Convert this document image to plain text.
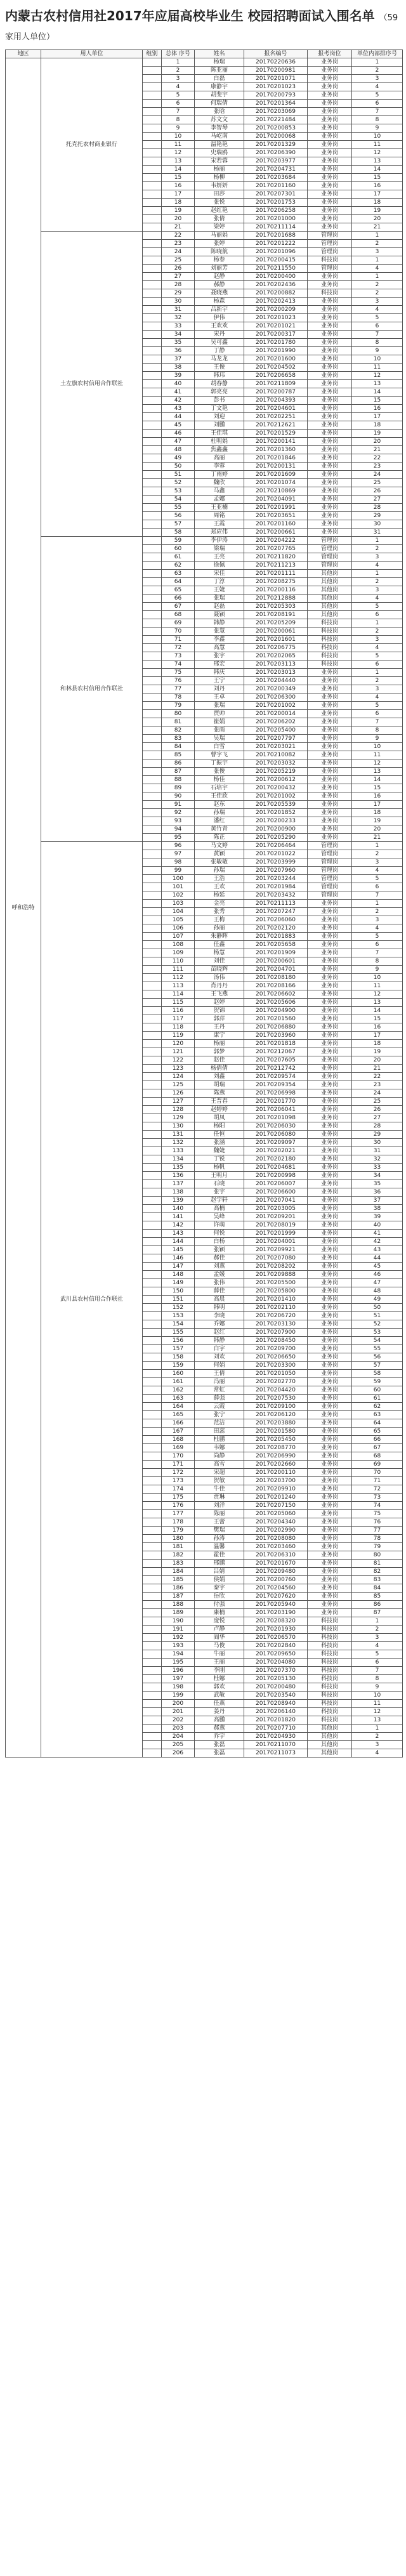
内蒙古农村信用社2017年应届高校毕业生 校园招聘面试入围名单 （59家用人单位）
地区	用人单位	组别	总体 序号	姓名	报名编号	报考岗位	单位内部排序号
呼和浩特	托克托农村商业银行		1	杨瑞	20170220636	业务岗	1
			2	陈亚丽	20170200981	业务岗	2
			3	白磊	20170201071	业务岗	3
			4	康静宇	20170201023	业务岗	4
			5	胡斐宇	20170200793	业务岗	5
			6	何瑞倩	20170201364	业务岗	6
			7	张晗	20170203069	业务岗	7
			8	苏文文	20170221484	业务岗	8
			9	李智琴	20170200853	业务岗	9
			10	马屹南	20170200068	业务岗	10
			11	温艳艳	20170201329	业务岗	11
			12	史瑞鸥	20170206390	业务岗	12
			13	宋若蓉	20170203977	业务岗	13
			14	杨丽	20170204731	业务岗	14
			15	杨柳	20170203684	业务岗	15
			16	韦妍妍	20170201160	业务岗	16
			17	田莎	20170207301	业务岗	17
			18	张悦	20170201753	业务岗	18
			19	赵红艳	20170206258	业务岗	19
			20	张倩	20170201000	业务岗	20
			21	梁婷	20170211114	业务岗	21
	土左旗农村信用合作联社		22	马丽娟	20170201688	管理岗	1
			23	张婷	20170201222	管理岗	2
			24	陈晓航	20170201096	管理岗	3
			25	杨春	20170200415	科技岗	1
			26	刘丽芳	20170211550	管理岗	4
			27	赵静	20170200400	业务岗	1
			28	郝静	20170202436	业务岗	2
			29	聂晓燕	20170200882	科技岗	2
			30	杨森	20170202413	业务岗	3
			31	吕新宇	20170200209	业务岗	4
			32	伊伟	20170201023	业务岗	5
			33	王欢欢	20170201021	业务岗	6
			34	宋丹	20170200317	业务岗	7
			35	吴可鑫	20170201780	业务岗	8
			36	丁静	20170201990	业务岗	9
			37	马龙龙	20170201600	业务岗	10
			38	王俊	20170204502	业务岗	11
			39	韩玮	20170206658	业务岗	12
			40	胡春静	20170211809	业务岗	13
			41	郭亮亮	20170200787	业务岗	14
			42	彭书	20170204393	业务岗	15
			43	丁文艳	20170204601	业务岗	16
			44	刘迎	20170202251	业务岗	17
			45	刘鹏	20170212621	业务岗	18
			46	王佳琪	20170201529	业务岗	19
			47	杜明娟	20170200141	业务岗	20
			48	焦鑫鑫	20170201360	业务岗	21
			49	高丽	20170201846	业务岗	22
			50	李蓉	20170200131	业务岗	23
			51	丁雨婷	20170201609	业务岗	24
			52	魏欣	20170201074	业务岗	25
			53	马鑫	20170210869	业务岗	26
			54	孟娜	20170204091	业务岗	27
			55	王亚楠	20170201991	业务岗	28
			56	周铭	20170203651	业务岗	29
			57	王霞	20170201160	业务岗	30
			58	郑应伟	20170200661	业务岗	31
	和林县农村信用合作联社		59	李伊涛	20170204222	管理岗	1
			60	梁瑞	20170207765	管理岗	2
			61	王亮	20170211820	管理岗	3
			62	徐佩	20170211213	管理岗	4
			63	宋佳	20170201111	其他岗	1
			64	丁淳	20170208275	其他岗	2
			65	王婕	20170200116	其他岗	3
			66	张瑞	20170212888	其他岗	4
			67	赵磊	20170205303	其他岗	5
			68	聂颖	20170208191	其他岗	6
			69	韩静	20170205209	科技岗	1
			70	张慧	20170200061	科技岗	2
			71	李鑫	20170201601	科技岗	3
			72	高慧	20170206775	科技岗	4
			73	张宇	20170202065	科技岗	5
			74	邢宏	20170203113	科技岗	6
			75	韩庆	20170203013	业务岗	1
			76	王宁	20170204440	业务岗	2
			77	刘丹	20170200349	业务岗	3
			78	王卓	20170206300	业务岗	4
			79	张瑞	20170201002	业务岗	5
			80	贾帅	20170200014	业务岗	6
			81	崔娟	20170206202	业务岗	7
			82	张雨	20170205400	业务岗	8
			83	吴瑞	20170207797	业务岗	9
			84	白雪	20170203021	业务岗	10
			85	曹宇飞	20170210082	业务岗	11
			86	丁振宇	20170203032	业务岗	12
			87	张俊	20170205219	业务岗	13
			88	杨佳	20170200612	业务岗	14
			89	石培宇	20170200432	业务岗	15
			90	王佳欣	20170201002	业务岗	16
			91	赵东	20170205539	业务岗	17
			92	孙瑞	20170201852	业务岗	18
			93	潘红	20170200233	业务岗	19
			94	黄竹青	20170200900	业务岗	20
			95	陈正	20170205290	业务岗	21
	武川县农村信用合作联社		96	马文婷	20170206464	管理岗	1
			97	黄颖	20170201022	管理岗	2
			98	张敏敏	20170203999	管理岗	3
			99	孙瑞	20170207960	管理岗	4
			100	王浩	20170203244	管理岗	5
			101	王欢	20170201984	管理岗	6
			102	杨延	20170203432	管理岗	7
			103	金亮	20170211113	业务岗	1
			104	张秀	20170207247	业务岗	2
			105	王梅	20170206060	业务岗	3
			106	孙丽	20170202120	业务岗	4
			107	朱静晖	20170201883	业务岗	5
			108	任鑫	20170205658	业务岗	6
			109	杨慧	20170201909	业务岗	7
			110	刘佳	20170200601	业务岗	8
			111	苗晓辉	20170204701	业务岗	9
			112	汤伟	20170208180	业务岗	10
			113	肖丹丹	20170208166	业务岗	11
			114	王飞燕	20170206602	业务岗	12
			115	赵婷	20170205606	业务岗	13
			116	贺锦	20170204900	业务岗	14
			117	郭萍	20170201560	业务岗	15
			118	王丹	20170206880	业务岗	16
			119	康宁	20170203960	业务岗	17
			120	杨丽	20170201818	业务岗	18
			121	郭梦	20170212067	业务岗	19
			122	赵佳	20170207605	业务岗	20
			123	杨倩倩	20170212742	业务岗	21
			124	刘鑫	20170209574	业务岗	22
			125	胡瑞	20170209354	业务岗	23
			126	陈燕	20170206998	业务岗	24
			127	王晋春	20170201770	业务岗	25
			128	赵婷婷	20170206041	业务岗	26
			129	胡凤	20170201098	业务岗	27
			130	杨阳	20170206030	业务岗	28
			131	任恒	20170206080	业务岗	29
			132	张涵	20170209097	业务岗	30
			133	魏婕	20170202021	业务岗	31
			134	丁锐	20170202180	业务岗	32
			135	杨帆	20170204681	业务岗	33
			136	王明月	20170200998	业务岗	34
			137	石晓	20170206007	业务岗	35
			138	张宇	20170206600	业务岗	36
			139	赵宇轩	20170207041	业务岗	37
			140	高楠	20170203005	业务岗	38
			141	吴峰	20170209201	业务岗	39
			142	许萌	20170208019	业务岗	40
			143	何悦	20170201999	业务岗	41
			144	白杨	20170204001	业务岗	42
			145	张颖	20170209921	业务岗	43
			146	郝佳	20170207080	业务岗	44
			147	刘燕	20170208202	业务岗	45
			148	孟媛	20170209888	业务岗	46
			149	张伟	20170205500	业务岗	47
			150	薛佳	20170205800	业务岗	48
			151	高晨	20170201410	业务岗	49
			152	韩明	20170202110	业务岗	50
			153	李晓	20170206720	业务岗	51
			154	乔娜	20170203130	业务岗	52
			155	赵红	20170207900	业务岗	53
			156	韩静	20170208450	业务岗	54
			157	白宇	20170209700	业务岗	55
			158	刘欢	20170206650	业务岗	56
			159	何娟	20170203300	业务岗	57
			160	王倩	20170201050	业务岗	58
			161	冯丽	20170202770	业务岗	59
			162	常虹	20170204420	业务岗	60
			163	薛强	20170207530	业务岗	61
			164	云霞	20170209100	业务岗	62
			165	张宁	20170206120	业务岗	63
			166	范洁	20170203880	业务岗	64
			167	田蕊	20170201580	业务岗	65
			168	杜鹏	20170205450	业务岗	66
			169	韦娜	20170208770	业务岗	67
			170	尚静	20170206990	业务岗	68
			171	高雪	20170202660	业务岗	69
			172	宋超	20170200110	业务岗	70
			173	贺敏	20170203700	业务岗	71
			174	牛佳	20170209910	业务岗	72
			175	贾琳	20170201240	业务岗	73
			176	刘洋	20170207150	业务岗	74
			177	陈丽	20170205060	业务岗	75
			178	王蕾	20170204340	业务岗	76
			179	樊瑞	20170202990	业务岗	77
			180	孙涛	20170208080	业务岗	78
			181	温馨	20170203460	业务岗	79
			182	霍佳	20170206310	业务岗	80
			183	邢鹏	20170201670	业务岗	81
			184	吕婧	20170209480	业务岗	82
			185	侯娟	20170200760	业务岗	83
			186	秦宇	20170204560	业务岗	84
			187	岳欣	20170207620	业务岗	85
			188	付强	20170205940	业务岗	86
			189	康楠	20170203190	业务岗	87
			190	庞悦	20170208320	科技岗	1
			191	卢静	20170201930	科技岗	2
			192	阎华	20170206570	科技岗	3
			193	马俊	20170202840	科技岗	4
			194	牛丽	20170209650	科技岗	5
			195	王丽	20170204080	科技岗	6
			196	李刚	20170207370	科技岗	7
			197	杜娜	20170205130	科技岗	8
			198	郭欢	20170200480	科技岗	9
			199	武敏	20170203540	科技岗	10
			200	任燕	20170208940	科技岗	11
			201	姜丹	20170206140	科技岗	12
			202	高鹏	20170201820	科技岗	13
			203	郝燕	20170207710	其他岗	1
			204	乔宇	20170204930	其他岗	2
			205	张磊	20170211070	其他岗	3
			206	张磊	20170211073	其他岗	4
